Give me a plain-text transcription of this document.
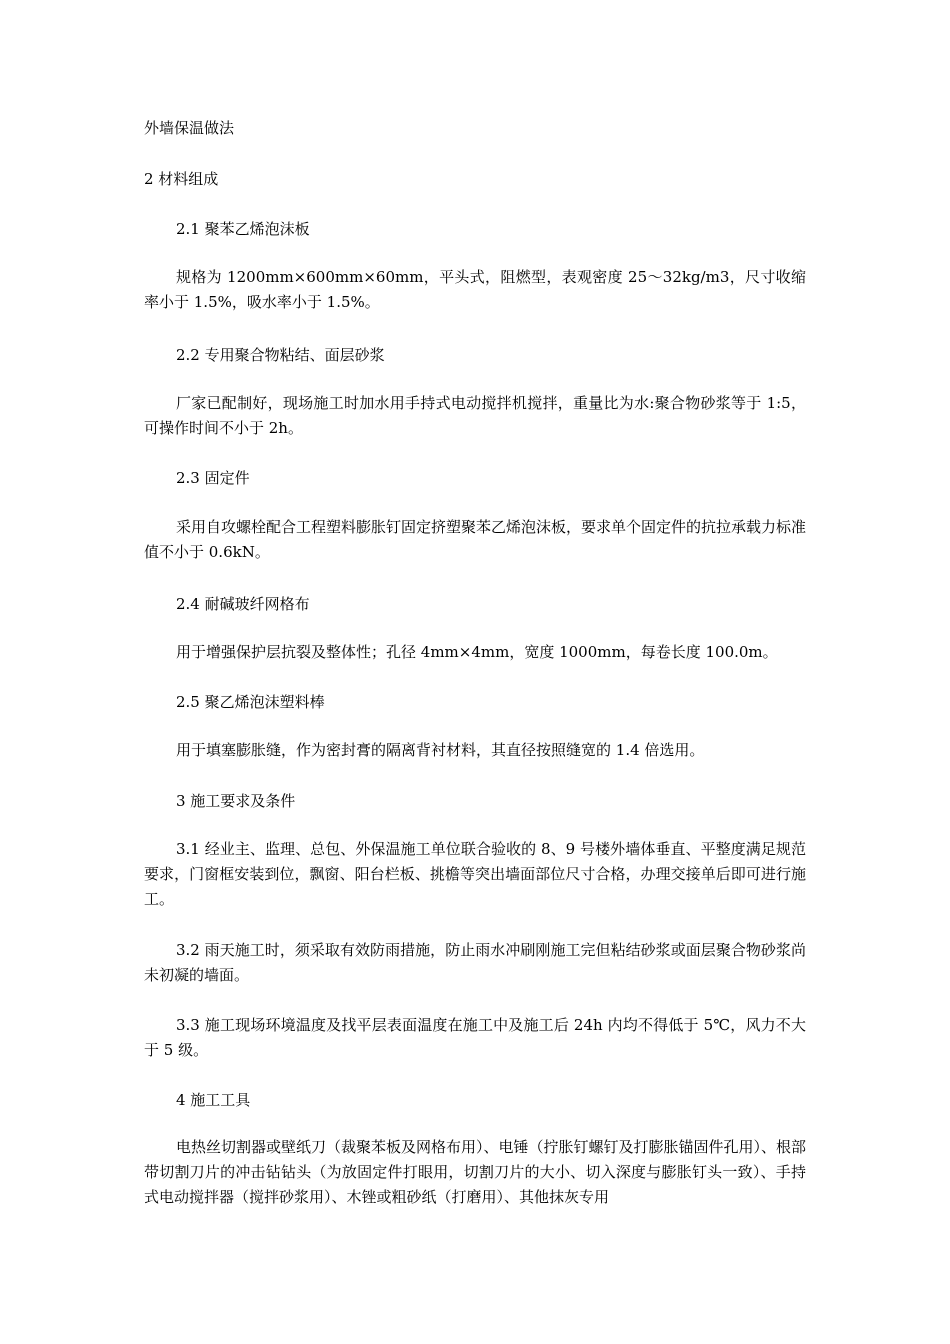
外墙保温做法
2 材料组成
2.1 聚苯乙烯泡沫板
规格为 1200mm×600mm×60mm，平头式，阻燃型，表观密度 25～32kg/m3，尺寸收缩率小于 1.5%，吸水率小于 1.5%。
2.2 专用聚合物粘结、面层砂浆
厂家已配制好，现场施工时加水用手持式电动搅拌机搅拌，重量比为水:聚合物砂浆等于 1:5，可操作时间不小于 2h。
2.3 固定件
采用自攻螺栓配合工程塑料膨胀钉固定挤塑聚苯乙烯泡沫板，要求单个固定件的抗拉承载力标准值不小于 0.6kN。
2.4 耐碱玻纤网格布
用于增强保护层抗裂及整体性；孔径 4mm×4mm，宽度 1000mm，每卷长度 100.0m。
2.5 聚乙烯泡沫塑料棒
用于填塞膨胀缝，作为密封膏的隔离背衬材料，其直径按照缝宽的 1.4 倍选用。
3 施工要求及条件
3.1 经业主、监理、总包、外保温施工单位联合验收的 8、9 号楼外墙体垂直、平整度满足规范要求，门窗框安装到位，飘窗、阳台栏板、挑檐等突出墙面部位尺寸合格，办理交接单后即可进行施工。
3.2 雨天施工时，须采取有效防雨措施，防止雨水冲刷刚施工完但粘结砂浆或面层聚合物砂浆尚未初凝的墙面。
3.3 施工现场环境温度及找平层表面温度在施工中及施工后 24h 内均不得低于 5℃，风力不大于 5 级。
4 施工工具
电热丝切割器或壁纸刀（裁聚苯板及网格布用）、电锤（拧胀钉螺钉及打膨胀锚固件孔用）、根部带切割刀片的冲击钻钻头（为放固定件打眼用，切割刀片的大小、切入深度与膨胀钉头一致）、手持式电动搅拌器（搅拌砂浆用）、木锉或粗砂纸（打磨用）、其他抹灰专用
